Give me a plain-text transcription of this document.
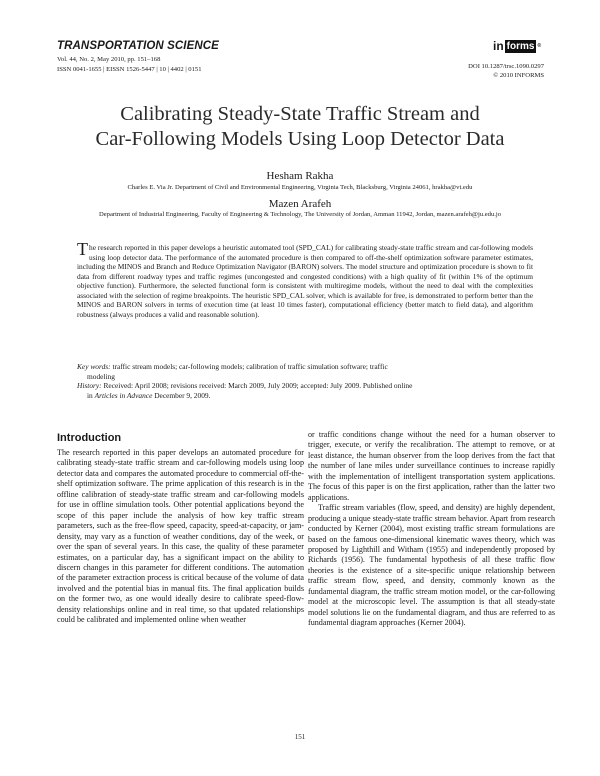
TRANSPORTATION SCIENCE

Vol. 44, No. 2, May 2010, pp. 151–168

ISSN 0041-1655 | EISSN 1526-5447 | 10 | 4402 | 0151

in forms ®

DOI 10.1287/trsc.1090.0297

© 2010 INFORMS

Calibrating Steady-State Traffic Stream and
Car-Following Models Using Loop Detector Data

Hesham Rakha

Charles E. Via Jr. Department of Civil and Environmental Engineering, Virginia Tech, Blacksburg, Virginia 24061, hrakha@vt.edu

Mazen Arafeh

Department of Industrial Engineering, Faculty of Engineering & Technology, The University of Jordan, Amman 11942, Jordan, mazen.arafeh@ju.edu.jo

The research reported in this paper develops a heuristic automated tool (SPD_CAL) for calibrating steady-state traffic stream and car-following models using loop detector data. The performance of the automated procedure is then compared to off-the-shelf optimization software parameter estimates, including the MINOS and Branch and Reduce Optimization Navigator (BARON) solvers. The model structure and optimization procedure is shown to fit data from different roadway types and traffic regimes (uncongested and congested conditions) with a high quality of fit (within 1% of the optimum objective function). Furthermore, the selected functional form is consistent with multiregime models, without the need to deal with the complexities associated with the selection of regime breakpoints. The heuristic SPD_CAL solver, which is available for free, is demonstrated to perform better than the MINOS and BARON solvers in terms of execution time (at least 10 times faster), computational efficiency (better match to field data), and algorithm robustness (always produces a valid and reasonable solution).

Key words: traffic stream models; car-following models; calibration of traffic simulation software; traffic
modeling

History: Received: April 2008; revisions received: March 2009, July 2009; accepted: July 2009. Published online
in Articles in Advance December 9, 2009.

Introduction

The research reported in this paper develops an automated procedure for calibrating steady-state traffic stream and car-following models using loop detector data and compares the automated procedure to commercial off-the-shelf optimization software. The prime application of this research is in the offline calibration of steady-state traffic stream and car-following models for use in offline simulation tools. Other potential applications beyond the scope of this paper include the analysis of how key traffic stream parameters, such as the free-flow speed, capacity, speed-at-capacity, or jam-density, may vary as a function of weather conditions, day of the week, or over the span of several years. In this case, the quality of these parameter estimates, on a particular day, has a significant impact on the ability to discern changes in this parameter for different conditions. The automation of the parameter extraction process is critical because of the volume of data involved and the potential bias in manual fits. The final application builds on the former two, as one would ideally desire to calibrate speed-flow-density relationships online and in real time, so that updated relationships could be calibrated and implemented online when weather

or traffic conditions change without the need for a human observer to trigger, execute, or verify the recalibration. The attempt to remove, or at least distance, the human observer from the loop derives from the fact that the number of lane miles under surveillance continues to increase rapidly with the implementation of intelligent transportation system applications. The focus of this paper is on the first application, rather than the latter two applications.

Traffic stream variables (flow, speed, and density) are highly dependent, producing a unique steady-state traffic stream behavior. Apart from research conducted by Kerner (2004), most existing traffic stream formulations are based on the famous one-dimensional kinematic waves theory, which was proposed by Lighthill and Witham (1955) and independently proposed by Richards (1956). The fundamental hypothesis of all these traffic flow theories is the existence of a site-specific unique relationship between traffic stream flow, speed, and density, commonly known as the fundamental diagram, the traffic stream motion model, or the car-following model at the microscopic level. The assumption is that all steady-state model solutions lie on the fundamental diagram, and thus are referred to as fundamental diagram approaches (Kerner 2004).

151
